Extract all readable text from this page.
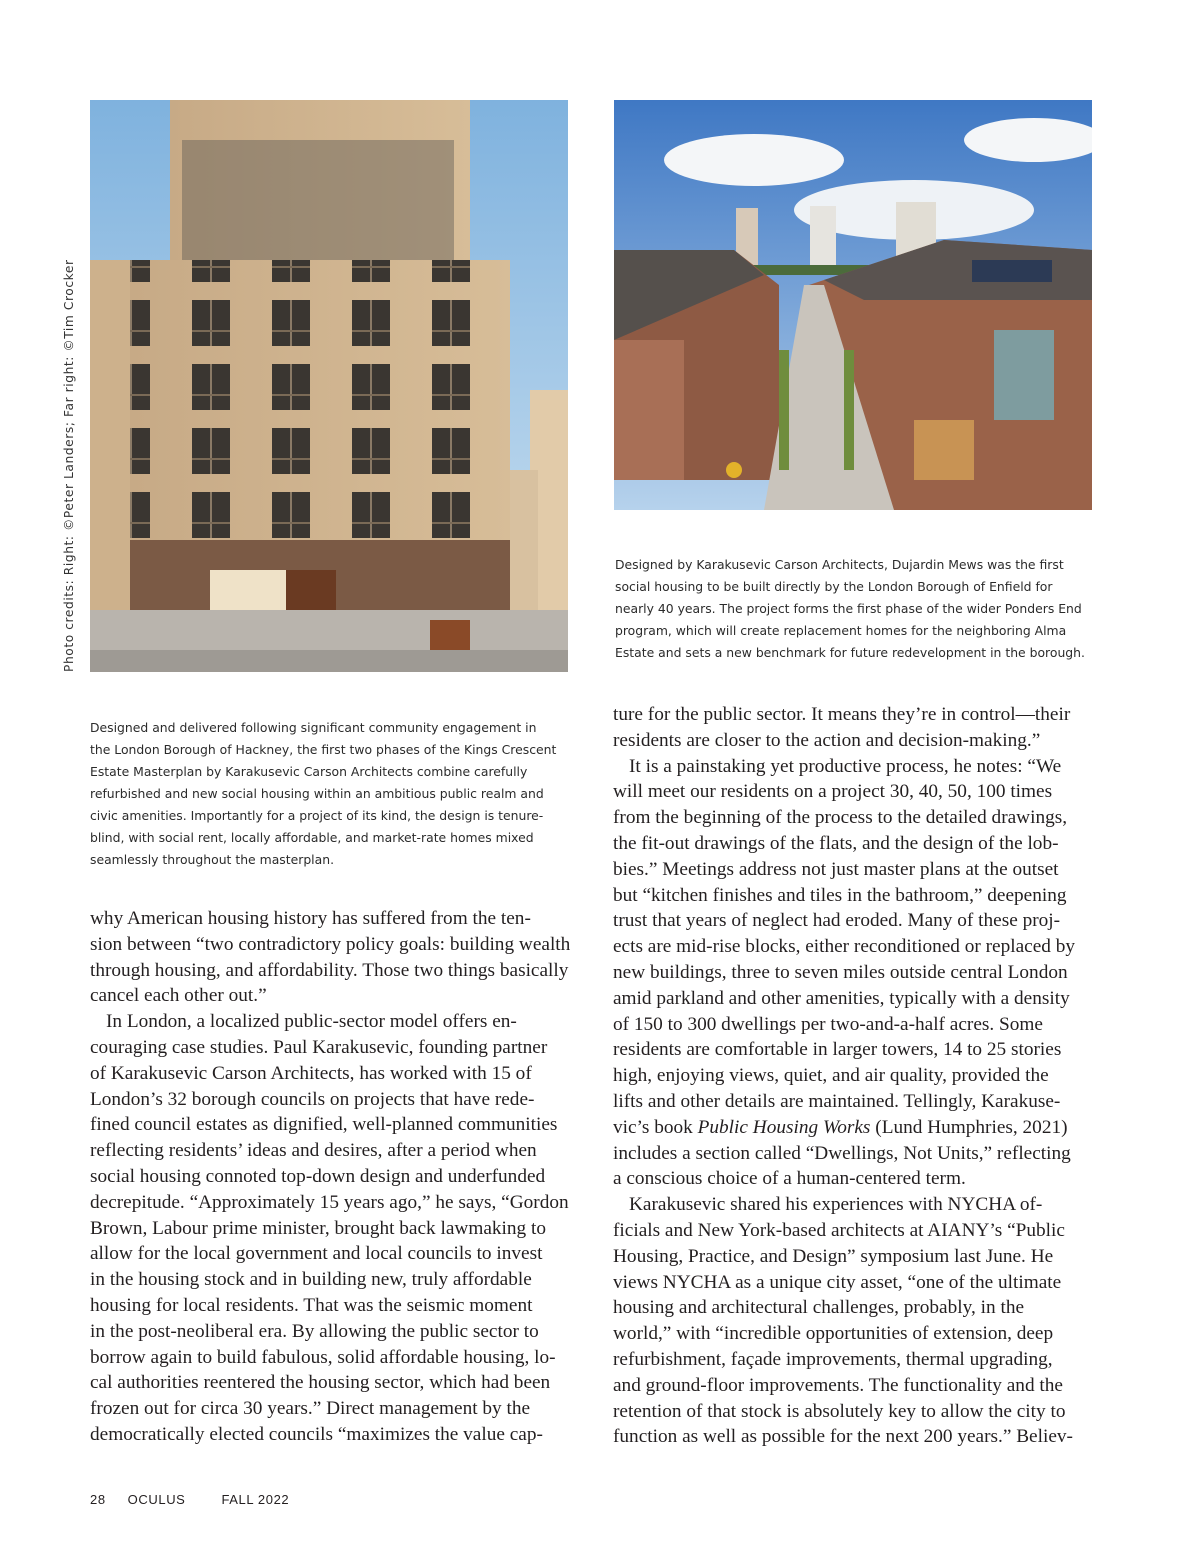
Photo credits: Right: ©Peter Landers; Far right: ©Tim Crocker	Designed by Karakusevic Carson Architects, Dujardin Mews was the first
social housing to be built directly by the London Borough of Enfield for
nearly 40 years. The project forms the first phase of the wider Ponders End
program, which will create replacement homes for the neighboring Alma
Estate and sets a new benchmark for future redevelopment in the borough.
Designed and delivered following significant community engagement in
the London Borough of Hackney, the first two phases of the Kings Crescent
Estate Masterplan by Karakusevic Carson Architects combine carefully
refurbished and new social housing within an ambitious public realm and
civic amenities. Importantly for a project of its kind, the design is tenure-
blind, with social rent, locally affordable, and market-rate homes mixed
seamlessly throughout the masterplan.

why American housing history has suffered from the ten-

sion between “two contradictory policy goals: building wealth

through housing, and affordability. Those two things basically

cancel each other out.”

In London, a localized public-sector model offers en-

couraging case studies. Paul Karakusevic, founding partner

of Karakusevic Carson Architects, has worked with 15 of

London’s 32 borough councils on projects that have rede-

fined council estates as dignified, well-planned communities

reflecting residents’ ideas and desires, after a period when

social housing connoted top-down design and underfunded

decrepitude. “Approximately 15 years ago,” he says, “Gordon

Brown, Labour prime minister, brought back lawmaking to

allow for the local government and local councils to invest

in the housing stock and in building new, truly affordable

housing for local residents. That was the seismic moment

in the post-neoliberal era. By allowing the public sector to

borrow again to build fabulous, solid affordable housing, lo-

cal authorities reentered the housing sector, which had been

frozen out for circa 30 years.” Direct management by the

democratically elected councils “maximizes the value cap-

ture for the public sector. It means they’re in control—their

residents are closer to the action and decision-making.”

It is a painstaking yet productive process, he notes: “We

will meet our residents on a project 30, 40, 50, 100 times

from the beginning of the process to the detailed drawings,

the fit-out drawings of the flats, and the design of the lob-

bies.” Meetings address not just master plans at the outset

but “kitchen finishes and tiles in the bathroom,” deepening

trust that years of neglect had eroded. Many of these proj-

ects are mid-rise blocks, either reconditioned or replaced by

new buildings, three to seven miles outside central London

amid parkland and other amenities, typically with a density

of 150 to 300 dwellings per two-and-a-half acres. Some

residents are comfortable in larger towers, 14 to 25 stories

high, enjoying views, quiet, and air quality, provided the

lifts and other details are maintained. Tellingly, Karakuse-

vic’s book Public Housing Works (Lund Humphries, 2021)

includes a section called “Dwellings, Not Units,” reflecting

a conscious choice of a human-centered term.

Karakusevic shared his experiences with NYCHA of-

ficials and New York-based architects at AIANY’s “Public

Housing, Practice, and Design” symposium last June. He

views NYCHA as a unique city asset, “one of the ultimate

housing and architectural challenges, probably, in the

world,” with “incredible opportunities of extension, deep

refurbishment, façade improvements, thermal upgrading,

and ground-floor improvements. The functionality and the

retention of that stock is absolutely key to allow the city to

function as well as possible for the next 200 years.” Believ-

28 OCULUS	FALL 2022
